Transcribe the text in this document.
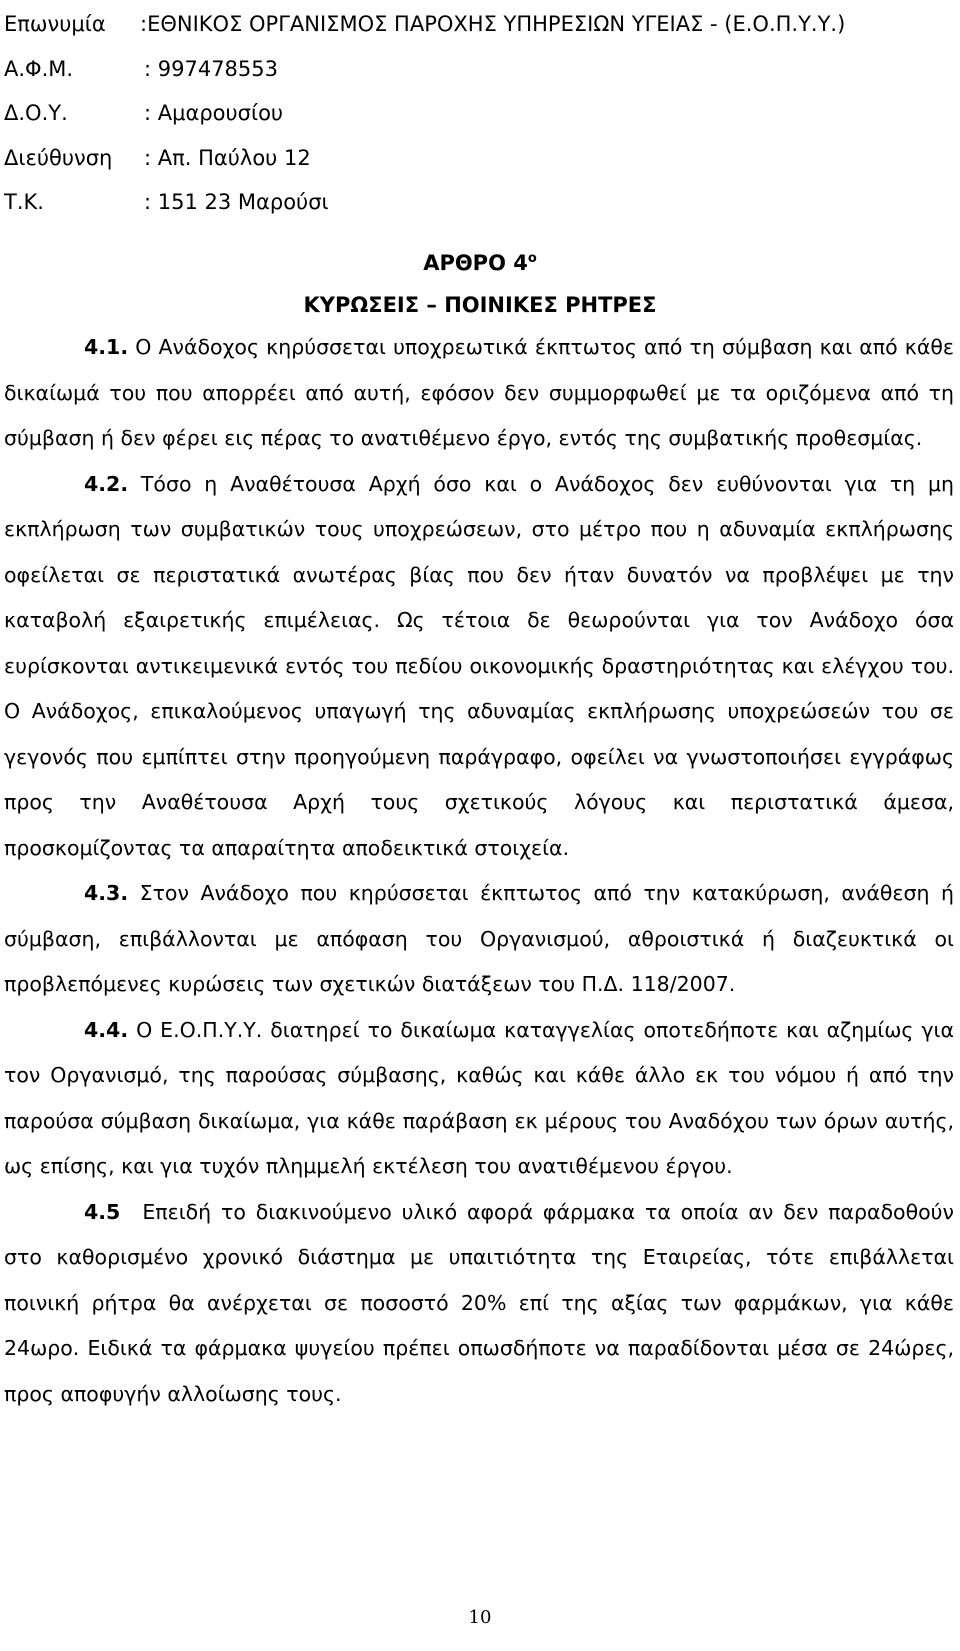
Επωνυμία	:ΕΘΝΙΚΟΣ ΟΡΓΑΝΙΣΜΟΣ ΠΑΡΟΧΗΣ ΥΠΗΡΕΣΙΩΝ ΥΓΕΙΑΣ - (Ε.Ο.Π.Υ.Υ.)
Α.Φ.Μ.	: 997478553
Δ.Ο.Υ.	: Αμαρουσίου
Διεύθυνση	: Απ. Παύλου 12
Τ.Κ.	: 151 23 Μαρούσι
ΑΡΘΡΟ $4^o$
ΚΥΡΩΣΕΙΣ – ΠΟΙΝΙΚΕΣ ΡΗΤΡΕΣ

4.1. Ο Ανάδοχος κηρύσσεται υποχρεωτικά έκπτωτος από τη σύμβαση και από κάθε δικαίωμά του που απορρέει από αυτή, εφόσον δεν συμμορφωθεί με τα οριζόμενα από τη σύμβαση ή δεν φέρει εις πέρας το ανατιθέμενο έργο, εντός της συμβατικής προθεσμίας.

4.2. Τόσο η Αναθέτουσα Αρχή όσο και ο Ανάδοχος δεν ευθύνονται για τη μη εκπλήρωση των συμβατικών τους υποχρεώσεων, στο μέτρο που η αδυναμία εκπλήρωσης οφείλεται σε περιστατικά ανωτέρας βίας που δεν ήταν δυνατόν να προβλέψει με την καταβολή εξαιρετικής επιμέλειας. Ως τέτοια δε θεωρούνται για τον Ανάδοχο όσα ευρίσκονται αντικειμενικά εντός του πεδίου οικονομικής δραστηριότητας και ελέγχου του. Ο Ανάδοχος, επικαλούμενος υπαγωγή της αδυναμίας εκπλήρωσης υποχρεώσεών του σε γεγονός που εμπίπτει στην προηγούμενη παράγραφο, οφείλει να γνωστοποιήσει εγγράφως προς την Αναθέτουσα Αρχή τους σχετικούς λόγους και περιστατικά άμεσα, προσκομίζοντας τα απαραίτητα αποδεικτικά στοιχεία.

4.3. Στον Ανάδοχο που κηρύσσεται έκπτωτος από την κατακύρωση, ανάθεση ή σύμβαση, επιβάλλονται με απόφαση του Οργανισμού, αθροιστικά ή διαζευκτικά οι προβλεπόμενες κυρώσεις των σχετικών διατάξεων του Π.Δ. 118/2007.

4.4. Ο Ε.Ο.Π.Υ.Υ. διατηρεί το δικαίωμα καταγγελίας οποτεδήποτε και αζημίως για τον Οργανισμό, της παρούσας σύμβασης, καθώς και κάθε άλλο εκ του νόμου ή από την παρούσα σύμβαση δικαίωμα, για κάθε παράβαση εκ μέρους του Αναδόχου των όρων αυτής, ως επίσης, και για τυχόν πλημμελή εκτέλεση του ανατιθέμενου έργου.

4.5 Επειδή το διακινούμενο υλικό αφορά φάρμακα τα οποία αν δεν παραδοθούν στο καθορισμένο χρονικό διάστημα με υπαιτιότητα της Εταιρείας, τότε επιβάλλεται ποινική ρήτρα θα ανέρχεται σε ποσοστό 20% επί της αξίας των φαρμάκων, για κάθε 24ωρο. Ειδικά τα φάρμακα ψυγείου πρέπει οπωσδήποτε να παραδίδονται μέσα σε 24ώρες, προς αποφυγήν αλλοίωσης τους.

10
